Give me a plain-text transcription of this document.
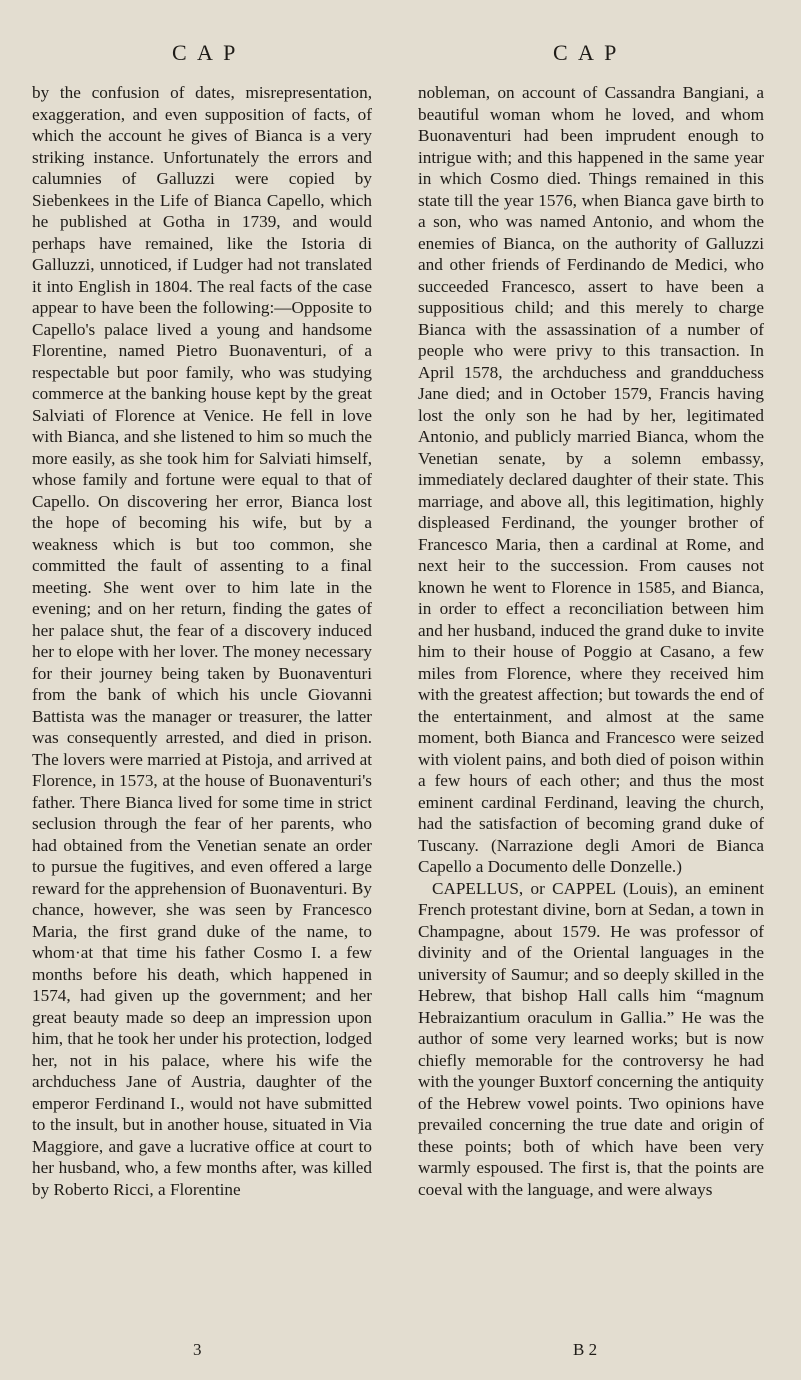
C A P	C A P

by the confusion of dates, misrepresentation, exaggeration, and even supposition of facts, of which the account he gives of Bianca is a very striking instance. Unfortunately the errors and calumnies of Galluzzi were copied by Siebenkees in the Life of Bianca Capello, which he published at Gotha in 1739, and would perhaps have remained, like the Istoria di Galluzzi, unnoticed, if Ludger had not translated it into English in 1804. The real facts of the case appear to have been the following:—Opposite to Capello's palace lived a young and handsome Florentine, named Pietro Buonaventuri, of a respectable but poor family, who was studying commerce at the banking house kept by the great Salviati of Florence at Venice. He fell in love with Bianca, and she listened to him so much the more easily, as she took him for Salviati himself, whose family and fortune were equal to that of Capello. On discovering her error, Bianca lost the hope of becoming his wife, but by a weakness which is but too common, she committed the fault of assenting to a final meeting. She went over to him late in the evening; and on her return, finding the gates of her palace shut, the fear of a discovery induced her to elope with her lover. The money necessary for their journey being taken by Buonaventuri from the bank of which his uncle Giovanni Battista was the manager or treasurer, the latter was consequently arrested, and died in prison. The lovers were married at Pistoja, and arrived at Florence, in 1573, at the house of Buonaventuri's father. There Bianca lived for some time in strict seclusion through the fear of her parents, who had obtained from the Venetian senate an order to pursue the fugitives, and even offered a large reward for the apprehension of Buonaventuri. By chance, however, she was seen by Francesco Maria, the first grand duke of the name, to whom·at that time his father Cosmo I. a few months before his death, which happened in 1574, had given up the government; and her great beauty made so deep an impression upon him, that he took her under his protection, lodged her, not in his palace, where his wife the archduchess Jane of Austria, daughter of the emperor Ferdinand I., would not have submitted to the insult, but in another house, situated in Via Maggiore, and gave a lucrative office at court to her husband, who, a few months after, was killed by Roberto Ricci, a Florentine

nobleman, on account of Cassandra Bangiani, a beautiful woman whom he loved, and whom Buonaventuri had been imprudent enough to intrigue with; and this happened in the same year in which Cosmo died. Things remained in this state till the year 1576, when Bianca gave birth to a son, who was named Antonio, and whom the enemies of Bianca, on the authority of Galluzzi and other friends of Ferdinando de Medici, who succeeded Francesco, assert to have been a suppositious child; and this merely to charge Bianca with the assassination of a number of people who were privy to this transaction. In April 1578, the archduchess and grandduchess Jane died; and in October 1579, Francis having lost the only son he had by her, legitimated Antonio, and publicly married Bianca, whom the Venetian senate, by a solemn embassy, immediately declared daughter of their state. This marriage, and above all, this legitimation, highly displeased Ferdinand, the younger brother of Francesco Maria, then a cardinal at Rome, and next heir to the succession. From causes not known he went to Florence in 1585, and Bianca, in order to effect a reconciliation between him and her husband, induced the grand duke to invite him to their house of Poggio at Casano, a few miles from Florence, where they received him with the greatest affection; but towards the end of the entertainment, and almost at the same moment, both Bianca and Francesco were seized with violent pains, and both died of poison within a few hours of each other; and thus the most eminent cardinal Ferdinand, leaving the church, had the satisfaction of becoming grand duke of Tuscany. (Narrazione degli Amori de Bianca Capello a Documento delle Donzelle.)

CAPELLUS, or CAPPEL (Louis), an eminent French protestant divine, born at Sedan, a town in Champagne, about 1579. He was professor of divinity and of the Oriental languages in the university of Saumur; and so deeply skilled in the Hebrew, that bishop Hall calls him “magnum Hebraizantium oraculum in Gallia.” He was the author of some very learned works; but is now chiefly memorable for the controversy he had with the younger Buxtorf concerning the antiquity of the Hebrew vowel points. Two opinions have prevailed concerning the true date and origin of these points; both of which have been very warmly espoused. The first is, that the points are coeval with the language, and were always

3	B 2
